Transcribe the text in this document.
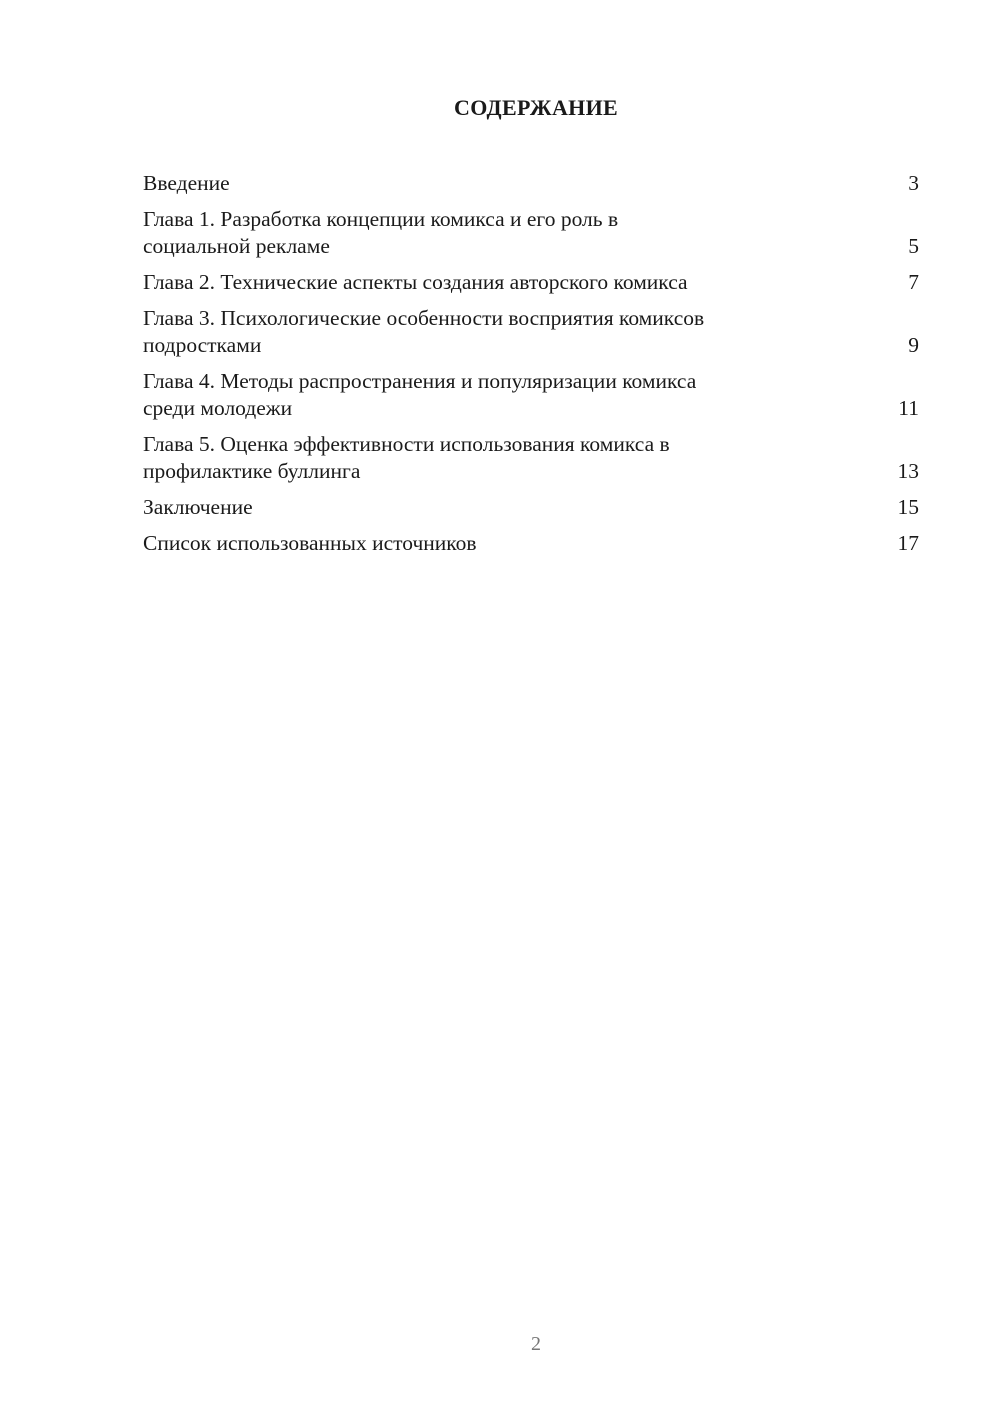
СОДЕРЖАНИЕ
Введение	3
Глава 1. Разработка концепции комикса и его роль в
социальной рекламе	5
Глава 2. Технические аспекты создания авторского комикса	7
Глава 3. Психологические особенности восприятия комиксов
подростками	9
Глава 4. Методы распространения и популяризации комикса
среди молодежи	11
Глава 5. Оценка эффективности использования комикса в
профилактике буллинга	13
Заключение	15
Список использованных источников	17
2
